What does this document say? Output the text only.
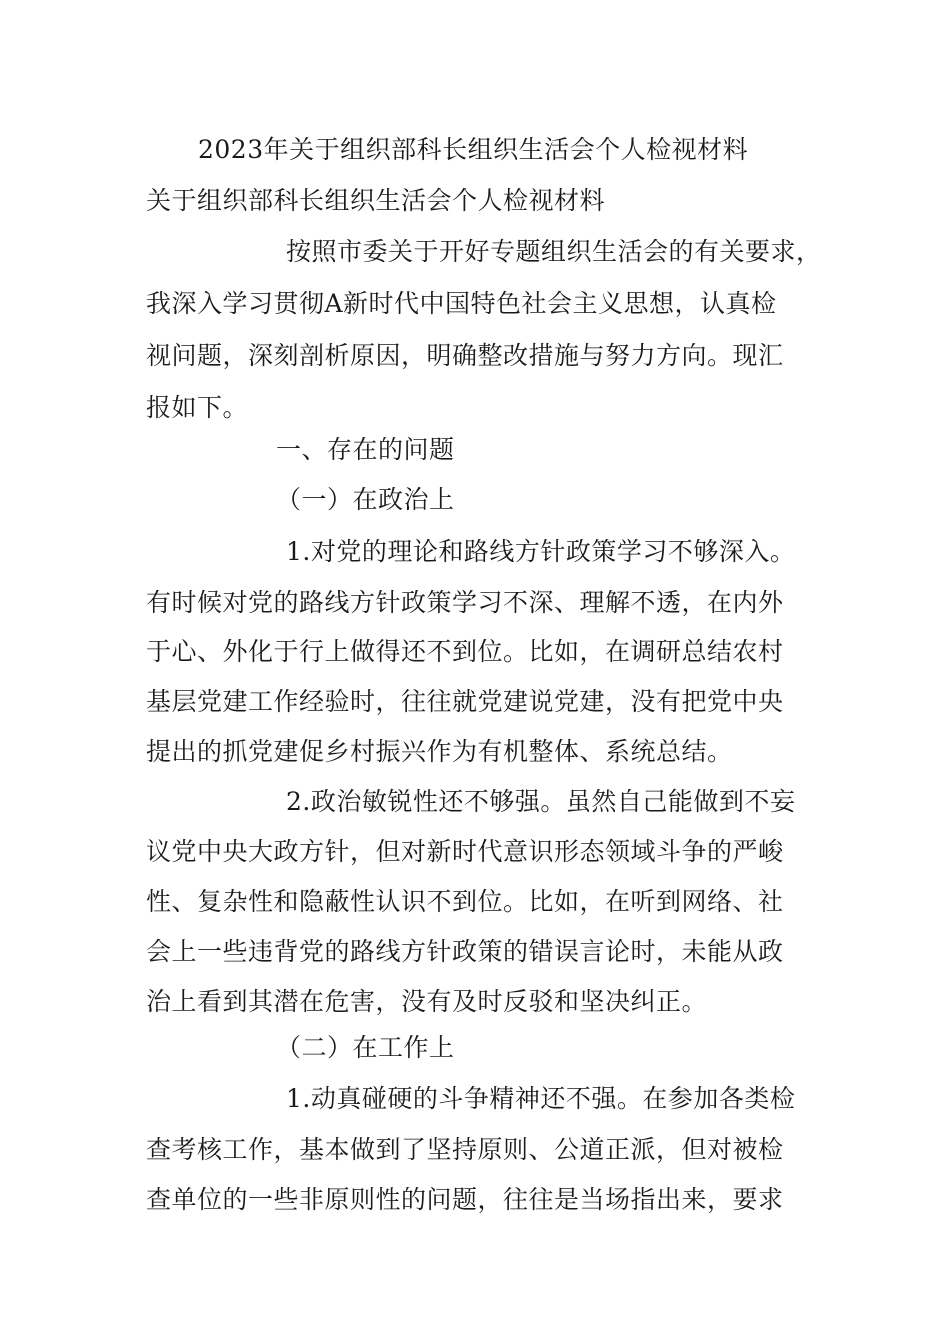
2023年关于组织部科长组织生活会个人检视材料
关于组织部科长组织生活会个人检视材料
按照市委关于开好专题组织生活会的有关要求，
我深入学习贯彻A新时代中国特色社会主义思想，认真检
视问题，深刻剖析原因，明确整改措施与努力方向。现汇
报如下。
一、存在的问题
（一）在政治上
1.对党的理论和路线方针政策学习不够深入。
有时候对党的路线方针政策学习不深、理解不透，在内外
于心、外化于行上做得还不到位。比如，在调研总结农村
基层党建工作经验时，往往就党建说党建，没有把党中央
提出的抓党建促乡村振兴作为有机整体、系统总结。
2.政治敏锐性还不够强。虽然自己能做到不妄
议党中央大政方针，但对新时代意识形态领域斗争的严峻
性、复杂性和隐蔽性认识不到位。比如，在听到网络、社
会上一些违背党的路线方针政策的错误言论时，未能从政
治上看到其潜在危害，没有及时反驳和坚决纠正。
（二）在工作上
1.动真碰硬的斗争精神还不强。在参加各类检
查考核工作，基本做到了坚持原则、公道正派，但对被检
查单位的一些非原则性的问题，往往是当场指出来，要求
